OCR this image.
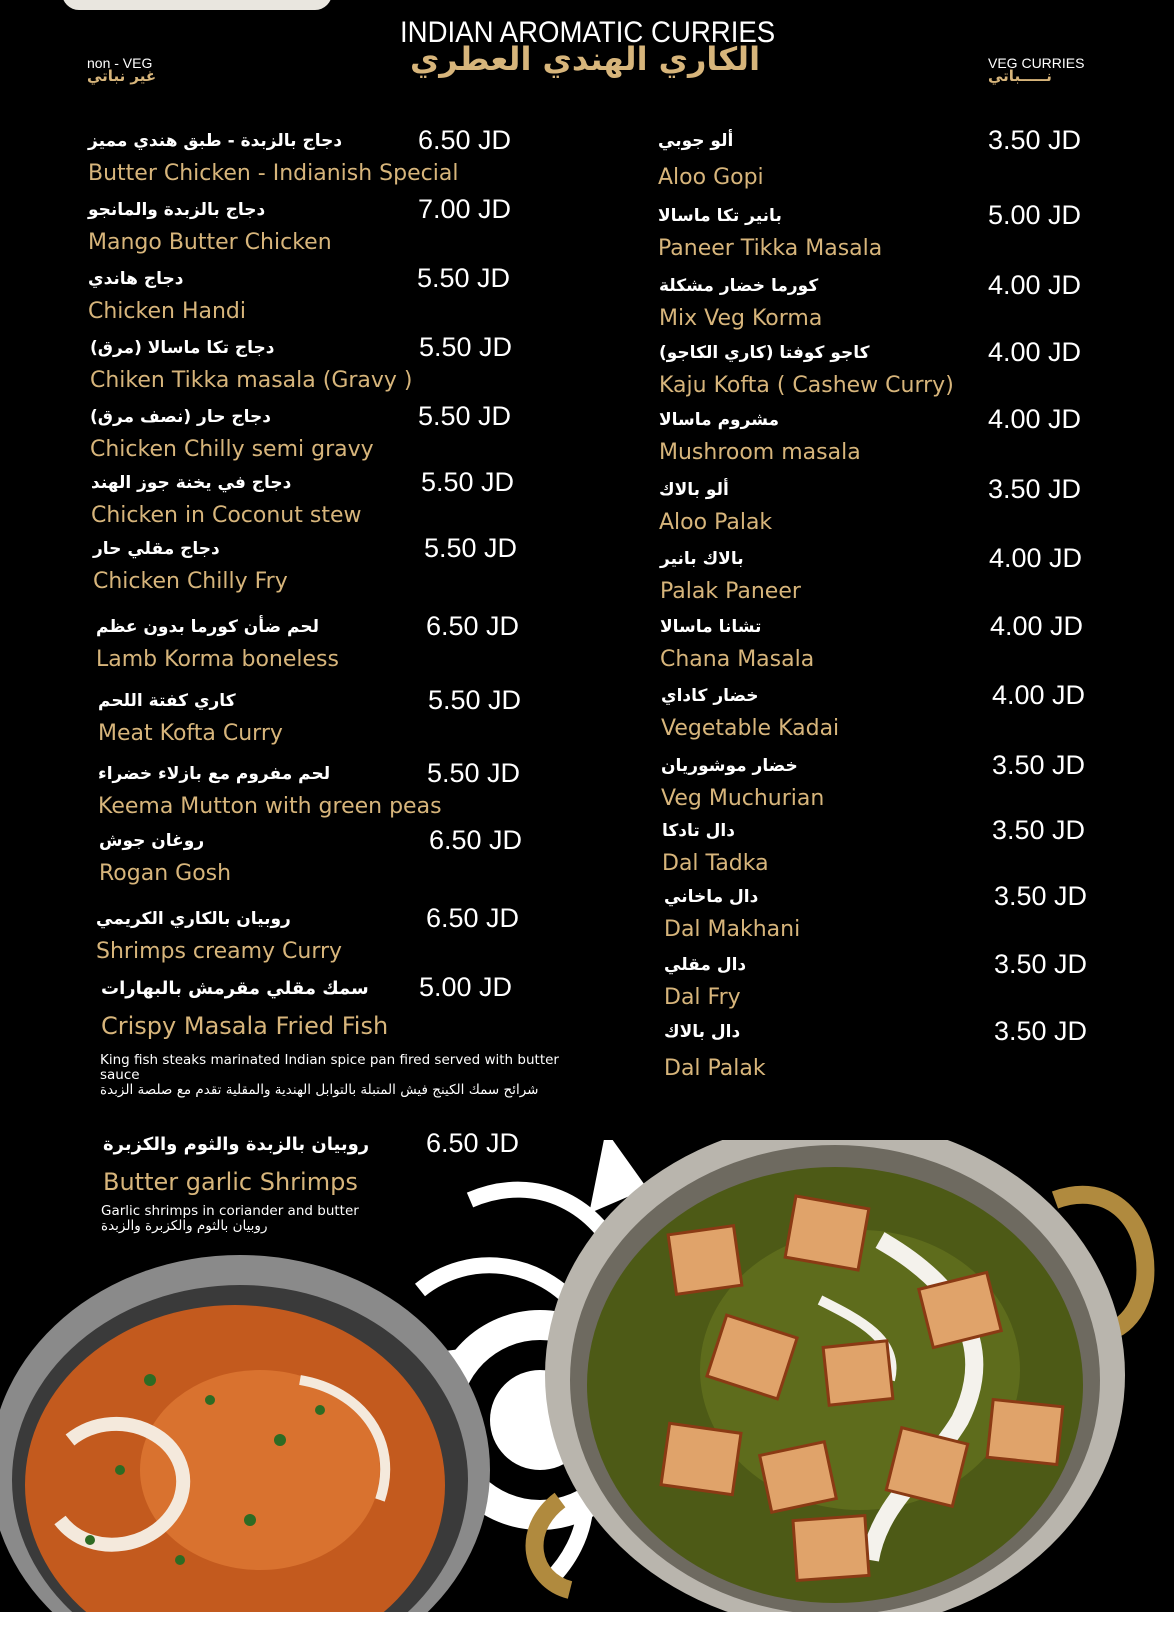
INDIAN AROMATIC CURRIES
الكاري الهندي العطري
non - VEG
غير نباتي
VEG CURRIES
نـــــباتي
دجاج بالزبدة - طبق هندي مميز
Butter Chicken - Indianish Special
6.50 JD
دجاج بالزبدة والمانجو
Mango Butter Chicken
7.00 JD
دجاج هاندي
Chicken Handi
5.50 JD
دجاج تكا ماسالا (مرق)
Chiken Tikka masala (Gravy )
5.50 JD
دجاج حار (نصف مرق)
Chicken Chilly semi gravy
5.50 JD
دجاج في يخنة جوز الهند
Chicken in Coconut stew
5.50 JD
دجاج مقلي حار
Chicken Chilly Fry
5.50 JD
لحم ضأن كورما بدون عظم
Lamb Korma boneless
6.50 JD
كاري كفتة اللحم
Meat Kofta Curry
5.50 JD
لحم مفروم مع بازلاء خضراء
Keema Mutton with green peas
5.50 JD
روغان جوش
Rogan Gosh
6.50 JD
روبيان بالكاري الكريمي
Shrimps creamy Curry
6.50 JD
سمك مقلي مقرمش بالبهارات
Crispy Masala Fried Fish
5.00 JD
King fish steaks marinated Indian spice pan fired served with butter sauce
شرائح سمك الكينج فيش المتبلة بالتوابل الهندية والمقلية تقدم مع صلصة الزبدة
روبيان بالزبدة والثوم والكزبرة
Butter garlic Shrimps
6.50 JD
Garlic shrimps in coriander and butter
روبيان بالثوم والكزبرة والزبدة
ألو جوبي
Aloo Gopi
3.50 JD
بانير تكا ماسالا
Paneer Tikka Masala
5.00 JD
كورما خضار مشكلة
Mix Veg Korma
4.00 JD
كاجو كوفتا (كاري الكاجو)
Kaju Kofta ( Cashew Curry)
4.00 JD
مشروم ماسالا
Mushroom masala
4.00 JD
ألو بالاك
Aloo Palak
3.50 JD
بالاك بانير
Palak Paneer
4.00 JD
تشانا ماسالا
Chana Masala
4.00 JD
خضار كاداي
Vegetable Kadai
4.00 JD
خضار موشوريان
Veg Muchurian
3.50 JD
دال تادكا
Dal Tadka
3.50 JD
دال ماخاني
Dal Makhani
3.50 JD
دال مقلي
Dal Fry
3.50 JD
دال بالاك
Dal Palak
3.50 JD
